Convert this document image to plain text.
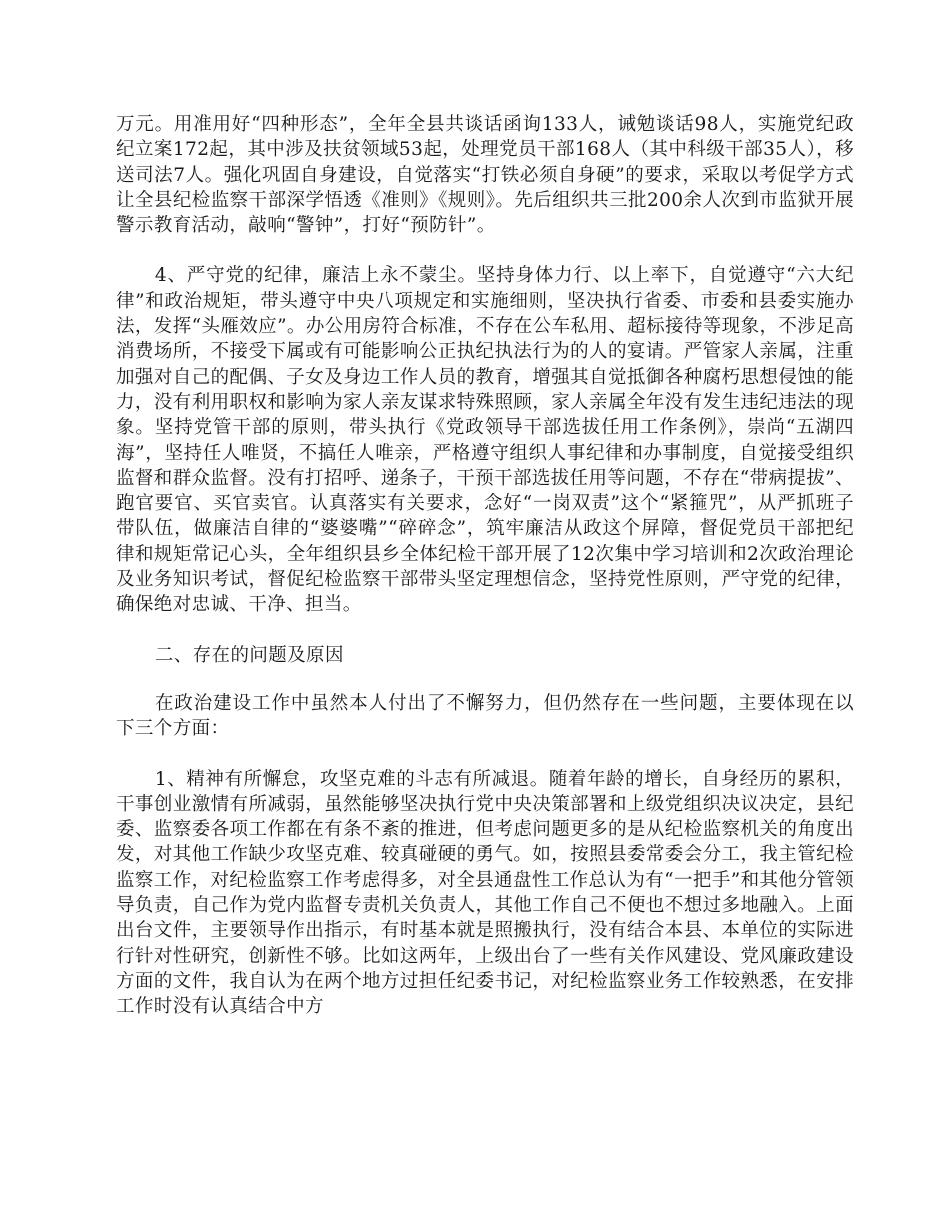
万元。用准用好“四种形态”，全年全县共谈话函询133人，诫勉谈话98人，实施党纪政纪立案172起，其中涉及扶贫领域53起，处理党员干部168人（其中科级干部35人），移送司法7人。强化巩固自身建设，自觉落实“打铁必须自身硬”的要求，采取以考促学方式让全县纪检监察干部深学悟透《准则》《规则》。先后组织共三批200余人次到市监狱开展警示教育活动，敲响“警钟”，打好“预防针”。

4、严守党的纪律，廉洁上永不蒙尘。坚持身体力行、以上率下，自觉遵守“六大纪律”和政治规矩，带头遵守中央八项规定和实施细则，坚决执行省委、市委和县委实施办法，发挥“头雁效应”。办公用房符合标准，不存在公车私用、超标接待等现象，不涉足高消费场所，不接受下属或有可能影响公正执纪执法行为的人的宴请。严管家人亲属，注重加强对自己的配偶、子女及身边工作人员的教育，增强其自觉抵御各种腐朽思想侵蚀的能力，没有利用职权和影响为家人亲友谋求特殊照顾，家人亲属全年没有发生违纪违法的现象。坚持党管干部的原则，带头执行《党政领导干部选拔任用工作条例》，崇尚“五湖四海”，坚持任人唯贤，不搞任人唯亲，严格遵守组织人事纪律和办事制度，自觉接受组织监督和群众监督。没有打招呼、递条子，干预干部选拔任用等问题，不存在“带病提拔”、跑官要官、买官卖官。认真落实有关要求，念好“一岗双责”这个“紧箍咒”，从严抓班子带队伍，做廉洁自律的“婆婆嘴”“碎碎念”，筑牢廉洁从政这个屏障，督促党员干部把纪律和规矩常记心头，全年组织县乡全体纪检干部开展了12次集中学习培训和2次政治理论及业务知识考试，督促纪检监察干部带头坚定理想信念，坚持党性原则，严守党的纪律，确保绝对忠诚、干净、担当。

二、存在的问题及原因

在政治建设工作中虽然本人付出了不懈努力，但仍然存在一些问题，主要体现在以下三个方面：

1、精神有所懈怠，攻坚克难的斗志有所减退。随着年龄的增长，自身经历的累积，干事创业激情有所减弱，虽然能够坚决执行党中央决策部署和上级党组织决议决定，县纪委、监察委各项工作都在有条不紊的推进，但考虑问题更多的是从纪检监察机关的角度出发，对其他工作缺少攻坚克难、较真碰硬的勇气。如，按照县委常委会分工，我主管纪检监察工作，对纪检监察工作考虑得多，对全县通盘性工作总认为有“一把手”和其他分管领导负责，自己作为党内监督专责机关负责人，其他工作自己不便也不想过多地融入。上面出台文件，主要领导作出指示，有时基本就是照搬执行，没有结合本县、本单位的实际进行针对性研究，创新性不够。比如这两年，上级出台了一些有关作风建设、党风廉政建设方面的文件，我自认为在两个地方过担任纪委书记，对纪检监察业务工作较熟悉，在安排工作时没有认真结合中方
